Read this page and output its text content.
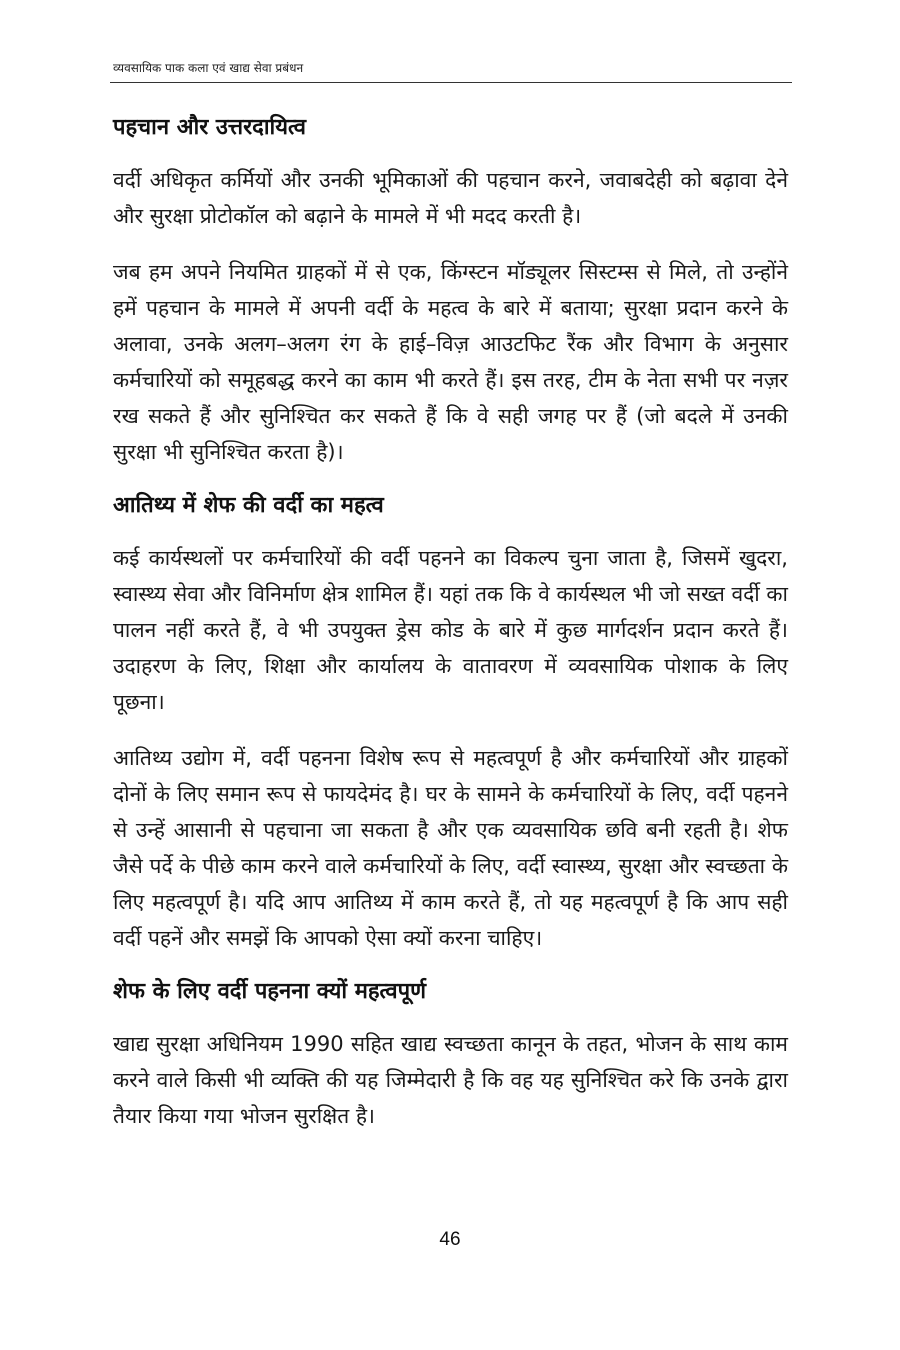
व्यवसायिक पाक कला एवं खाद्य सेवा प्रबंधन
पहचान और उत्तरदायित्व

वर्दी अधिकृत कर्मियों और उनकी भूमिकाओं की पहचान करने, जवाबदेही को बढ़ावा देने और सुरक्षा प्रोटोकॉल को बढ़ाने के मामले में भी मदद करती है।

जब हम अपने नियमित ग्राहकों में से एक, किंग्स्टन मॉड्यूलर सिस्टम्स से मिले, तो उन्होंने हमें पहचान के मामले में अपनी वर्दी के महत्व के बारे में बताया; सुरक्षा प्रदान करने के अलावा, उनके अलग–अलग रंग के हाई–विज़ आउटफिट रैंक और विभाग के अनुसार कर्मचारियों को समूहबद्ध करने का काम भी करते हैं। इस तरह, टीम के नेता सभी पर नज़र रख सकते हैं और सुनिश्चित कर सकते हैं कि वे सही जगह पर हैं (जो बदले में उनकी सुरक्षा भी सुनिश्चित करता है)।

आतिथ्य में शेफ की वर्दी का महत्व

कई कार्यस्थलों पर कर्मचारियों की वर्दी पहनने का विकल्प चुना जाता है, जिसमें खुदरा, स्वास्थ्य सेवा और विनिर्माण क्षेत्र शामिल हैं। यहां तक कि वे कार्यस्थल भी जो सख्त वर्दी का पालन नहीं करते हैं, वे भी उपयुक्त ड्रेस कोड के बारे में कुछ मार्गदर्शन प्रदान करते हैं। उदाहरण के लिए, शिक्षा और कार्यालय के वातावरण में व्यवसायिक पोशाक के लिए पूछना।

आतिथ्य उद्योग में, वर्दी पहनना विशेष रूप से महत्वपूर्ण है और कर्मचारियों और ग्राहकों दोनों के लिए समान रूप से फायदेमंद है। घर के सामने के कर्मचारियों के लिए, वर्दी पहनने से उन्हें आसानी से पहचाना जा सकता है और एक व्यवसायिक छवि बनी रहती है। शेफ जैसे पर्दे के पीछे काम करने वाले कर्मचारियों के लिए, वर्दी स्वास्थ्य, सुरक्षा और स्वच्छता के लिए महत्वपूर्ण है। यदि आप आतिथ्य में काम करते हैं, तो यह महत्वपूर्ण है कि आप सही वर्दी पहनें और समझें कि आपको ऐसा क्यों करना चाहिए।

शेफ के लिए वर्दी पहनना क्यों महत्वपूर्ण

खाद्य सुरक्षा अधिनियम 1990 सहित खाद्य स्वच्छता कानून के तहत, भोजन के साथ काम करने वाले किसी भी व्यक्ति की यह जिम्मेदारी है कि वह यह सुनिश्चित करे कि उनके द्वारा तैयार किया गया भोजन सुरक्षित है।

46
